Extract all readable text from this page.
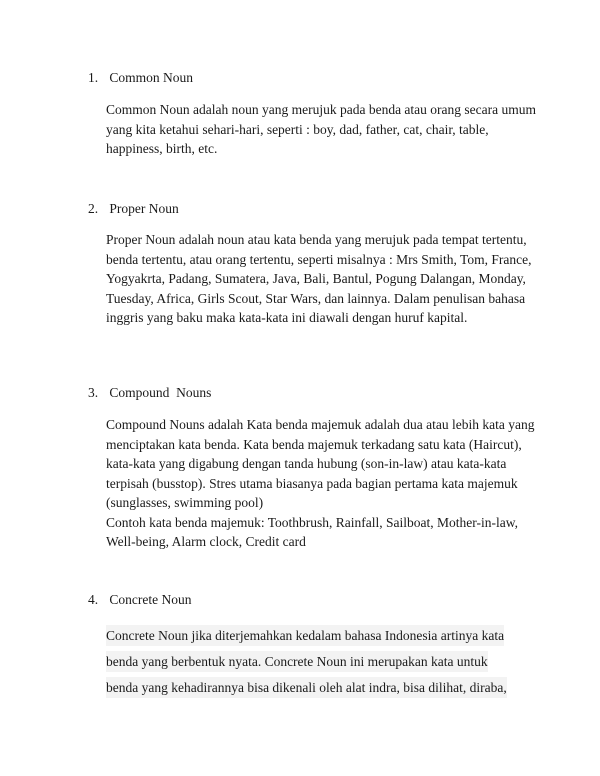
1. Common Noun

Common Noun adalah noun yang merujuk pada benda atau orang secara umum yang kita ketahui sehari-hari, seperti : boy, dad, father, cat, chair, table, happiness, birth, etc.

2. Proper Noun

Proper Noun adalah noun atau kata benda yang merujuk pada tempat tertentu, benda tertentu, atau orang tertentu, seperti misalnya : Mrs Smith, Tom, France, Yogyakrta, Padang, Sumatera, Java, Bali, Bantul, Pogung Dalangan, Monday, Tuesday, Africa, Girls Scout, Star Wars, dan lainnya. Dalam penulisan bahasa inggris yang baku maka kata-kata ini diawali dengan huruf kapital.

3. Compound  Nouns

Compound Nouns adalah Kata benda majemuk adalah dua atau lebih kata yang menciptakan kata benda. Kata benda majemuk terkadang satu kata (Haircut), kata-kata yang digabung dengan tanda hubung (son-in-law) atau kata-kata terpisah (busstop). Stres utama biasanya pada bagian pertama kata majemuk (sunglasses, swimming pool)

Contoh kata benda majemuk: Toothbrush, Rainfall, Sailboat, Mother-in-law, Well-being, Alarm clock, Credit card

4. Concrete Noun
Concrete Noun jika diterjemahkan kedalam bahasa Indonesia artinya kata
benda yang berbentuk nyata. Concrete Noun ini merupakan kata untuk
benda yang kehadirannya bisa dikenali oleh alat indra, bisa dilihat, diraba,
